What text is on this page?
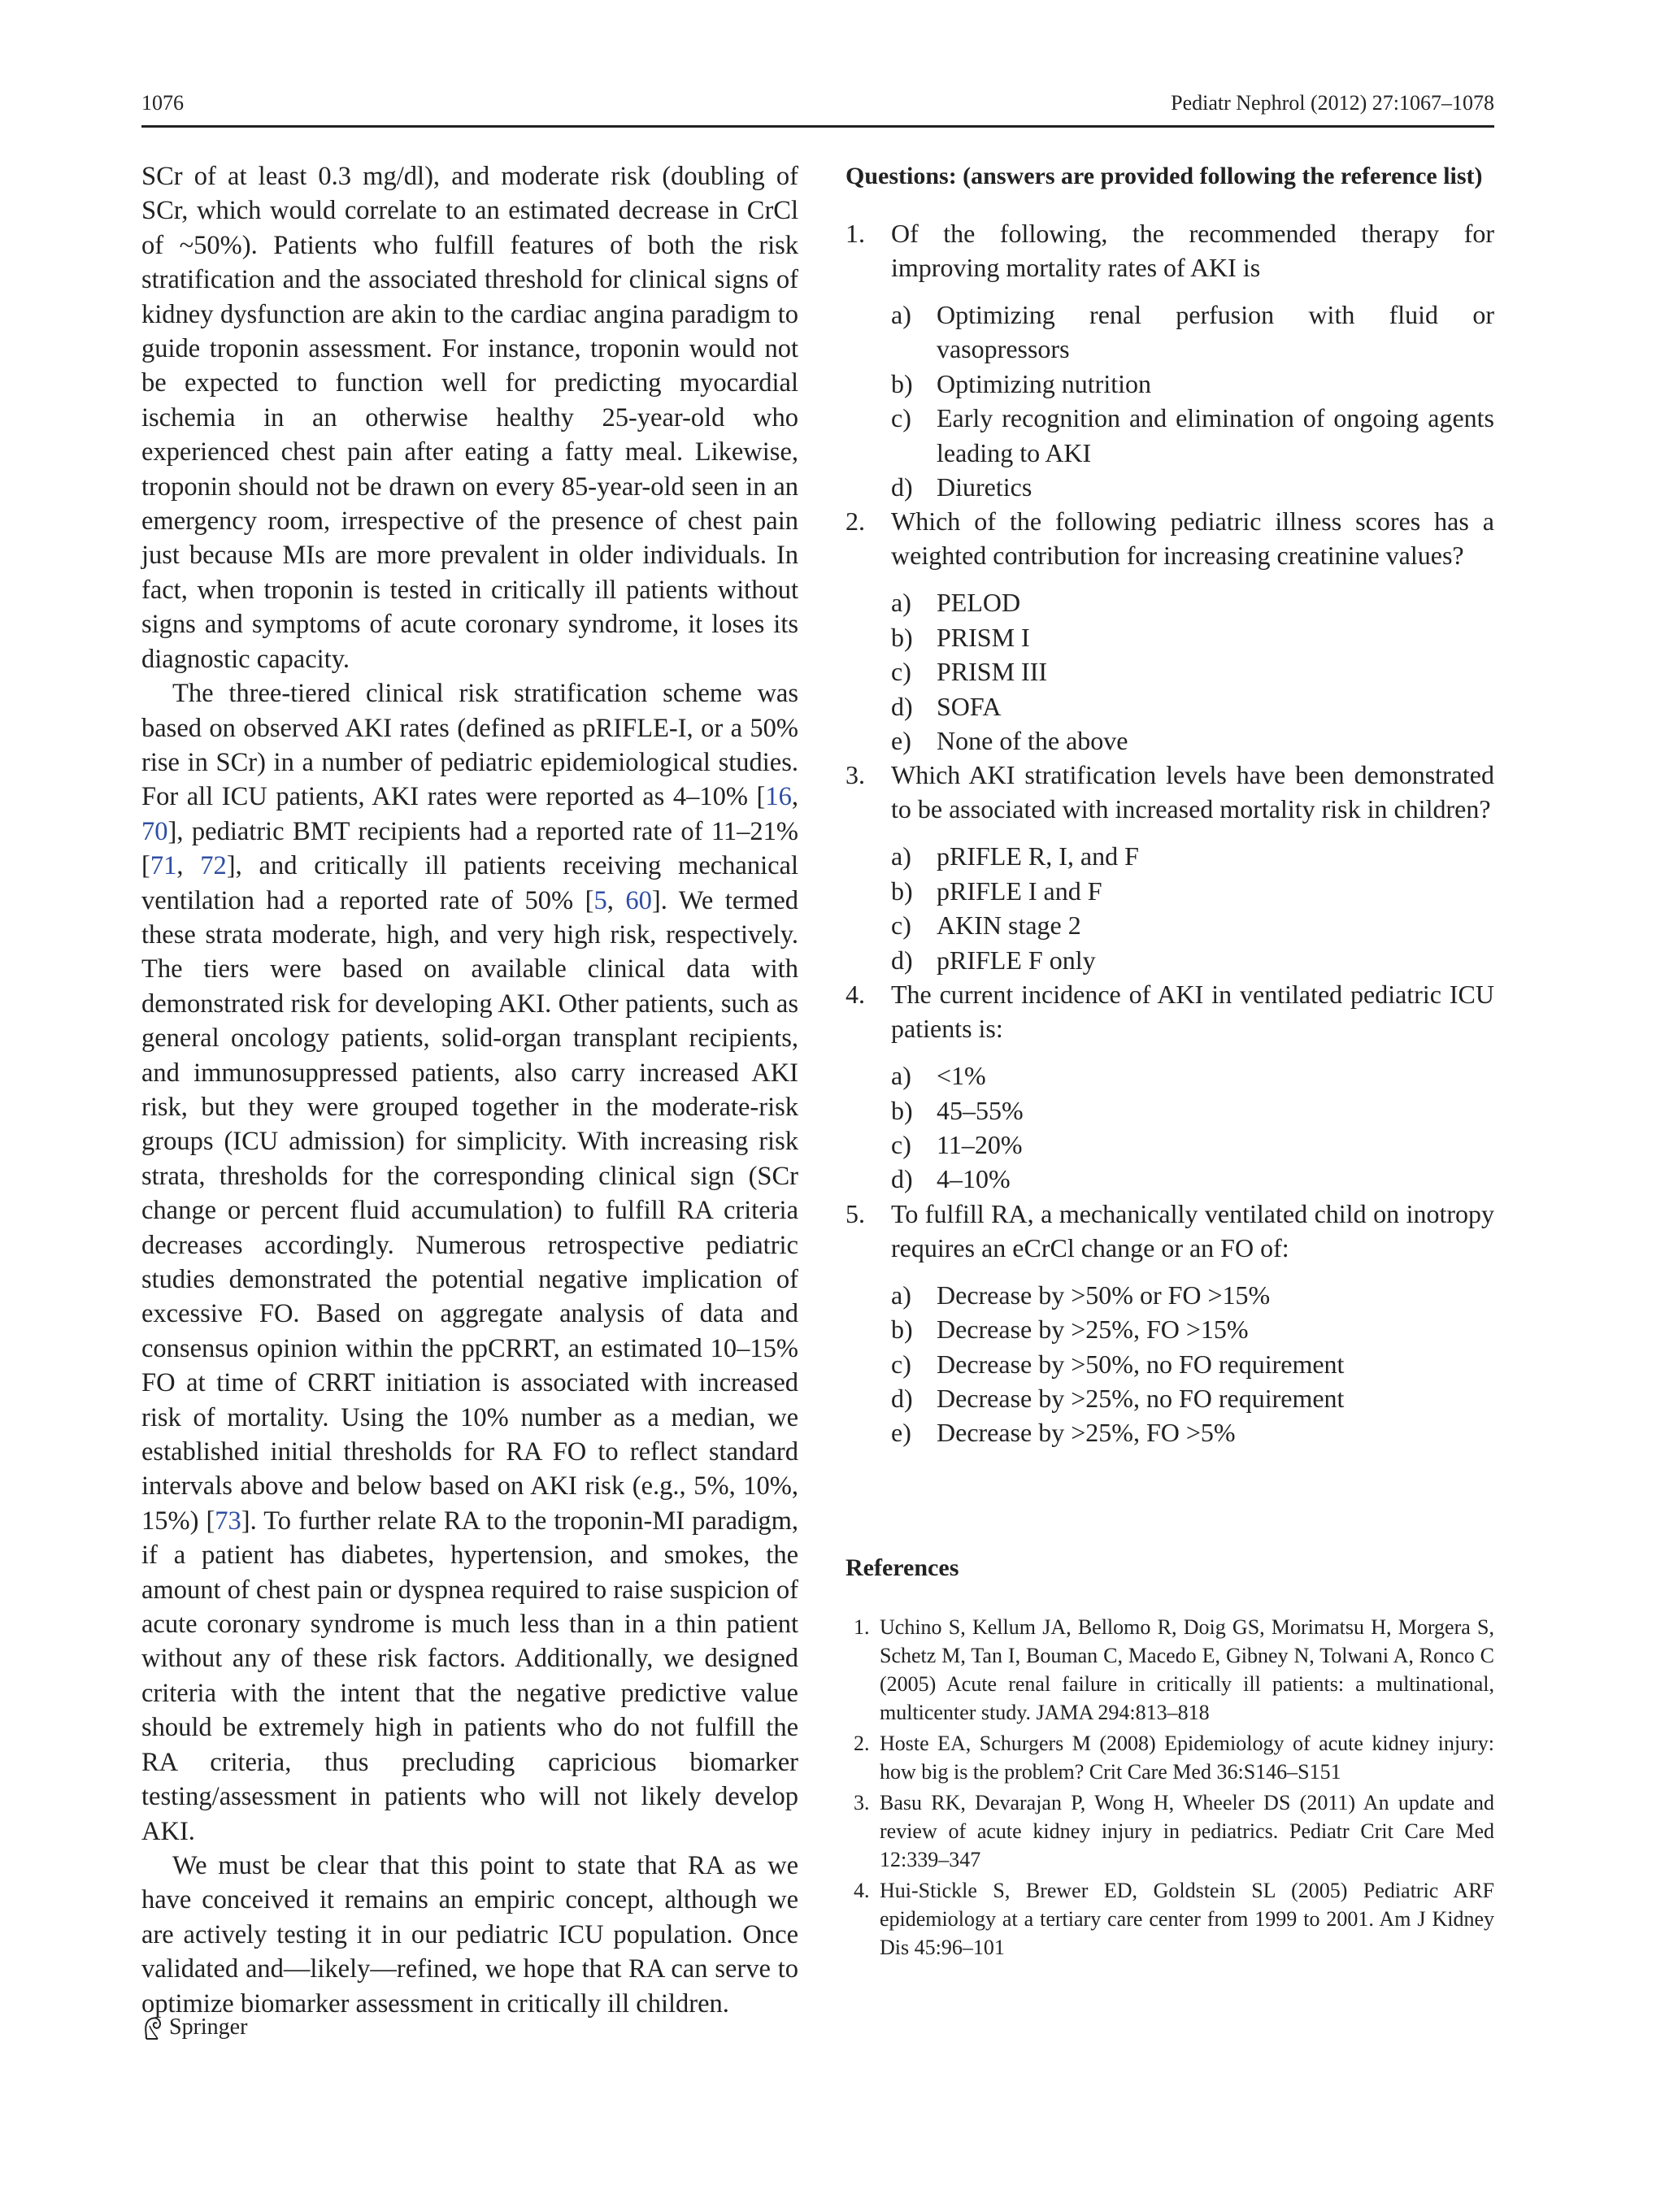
1076	Pediatr Nephrol (2012) 27:1067–1078

SCr of at least 0.3 mg/dl), and moderate risk (doubling of SCr, which would correlate to an estimated decrease in CrCl of ~50%). Patients who fulfill features of both the risk stratification and the associated threshold for clinical signs of kidney dysfunction are akin to the cardiac angina paradigm to guide troponin assessment. For instance, troponin would not be expected to function well for predicting myocardial ischemia in an otherwise healthy 25-year-old who experienced chest pain after eating a fatty meal. Likewise, troponin should not be drawn on every 85-year-old seen in an emergency room, irrespective of the presence of chest pain just because MIs are more prevalent in older individuals. In fact, when troponin is tested in critically ill patients without signs and symptoms of acute coronary syndrome, it loses its diagnostic capacity.

The three-tiered clinical risk stratification scheme was based on observed AKI rates (defined as pRIFLE-I, or a 50% rise in SCr) in a number of pediatric epidemiological studies. For all ICU patients, AKI rates were reported as 4–10% [16, 70], pediatric BMT recipients had a reported rate of 11–21% [71, 72], and critically ill patients receiving mechanical ventilation had a reported rate of 50% [5, 60]. We termed these strata moderate, high, and very high risk, respectively. The tiers were based on available clinical data with demonstrated risk for developing AKI. Other patients, such as general oncology patients, solid-organ transplant recipients, and immunosuppressed patients, also carry increased AKI risk, but they were grouped together in the moderate-risk groups (ICU admission) for simplicity. With increasing risk strata, thresholds for the corresponding clinical sign (SCr change or percent fluid accumulation) to fulfill RA criteria decreases accordingly. Numerous retrospective pediatric studies demonstrated the potential negative implication of excessive FO. Based on aggregate analysis of data and consensus opinion within the ppCRRT, an estimated 10–15% FO at time of CRRT initiation is associated with increased risk of mortality. Using the 10% number as a median, we established initial thresholds for RA FO to reflect standard intervals above and below based on AKI risk (e.g., 5%, 10%, 15%) [73]. To further relate RA to the troponin-MI paradigm, if a patient has diabetes, hypertension, and smokes, the amount of chest pain or dyspnea required to raise suspicion of acute coronary syndrome is much less than in a thin patient without any of these risk factors. Additionally, we designed criteria with the intent that the negative predictive value should be extremely high in patients who do not fulfill the RA criteria, thus precluding capricious biomarker testing/assessment in patients who will not likely develop AKI.

We must be clear that this point to state that RA as we have conceived it remains an empiric concept, although we are actively testing it in our pediatric ICU population. Once validated and—likely—refined, we hope that RA can serve to optimize biomarker assessment in critically ill children.

Questions: (answers are provided following the reference list)

1. Of the following, the recommended therapy for improving mortality rates of AKI is
a) Optimizing renal perfusion with fluid or vasopressors
b) Optimizing nutrition
c) Early recognition and elimination of ongoing agents leading to AKI
d) Diuretics
2. Which of the following pediatric illness scores has a weighted contribution for increasing creatinine values?
a) PELOD
b) PRISM I
c) PRISM III
d) SOFA
e) None of the above
3. Which AKI stratification levels have been demonstrated to be associated with increased mortality risk in children?
a) pRIFLE R, I, and F
b) pRIFLE I and F
c) AKIN stage 2
d) pRIFLE F only
4. The current incidence of AKI in ventilated pediatric ICU patients is:
a) <1%
b) 45–55%
c) 11–20%
d) 4–10%
5. To fulfill RA, a mechanically ventilated child on inotropy requires an eCrCl change or an FO of:
a) Decrease by >50% or FO >15%
b) Decrease by >25%, FO >15%
c) Decrease by >50%, no FO requirement
d) Decrease by >25%, no FO requirement
e) Decrease by >25%, FO >5%
References
1. Uchino S, Kellum JA, Bellomo R, Doig GS, Morimatsu H, Morgera S, Schetz M, Tan I, Bouman C, Macedo E, Gibney N, Tolwani A, Ronco C (2005) Acute renal failure in critically ill patients: a multinational, multicenter study. JAMA 294:813–818
2. Hoste EA, Schurgers M (2008) Epidemiology of acute kidney injury: how big is the problem? Crit Care Med 36:S146–S151
3. Basu RK, Devarajan P, Wong H, Wheeler DS (2011) An update and review of acute kidney injury in pediatrics. Pediatr Crit Care Med 12:339–347
4. Hui-Stickle S, Brewer ED, Goldstein SL (2005) Pediatric ARF epidemiology at a tertiary care center from 1999 to 2001. Am J Kidney Dis 45:96–101
Springer
